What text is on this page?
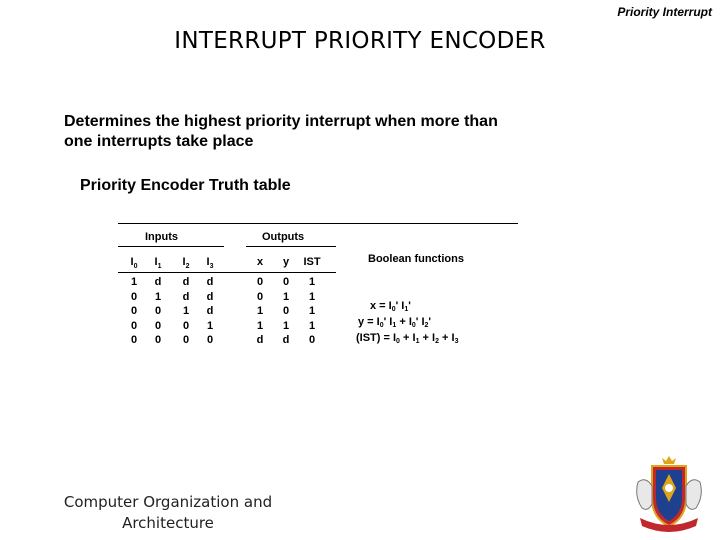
Priority Interrupt
INTERRUPT PRIORITY ENCODER
Determines the highest priority interrupt when more than one interrupts take place
Priority Encoder Truth table
Inputs	Outputs
Boolean functions
$I_0$	$I_1$	$I_2$	$I_3$	x	y	IST
1	d	d	d	0	0	1
0	1	d	d	0	1	1
0	0	1	d	1	0	1
0	0	0	1	1	1	1
0	0	0	0	d	d	0
$x = I_0'$ $I_1'$
$y = I_0'$ $I_1 + I_0'$ $I_2'$
$(IST) = I_0 + I_1 + I_2 + I_3$
Computer Organization and
Architecture
